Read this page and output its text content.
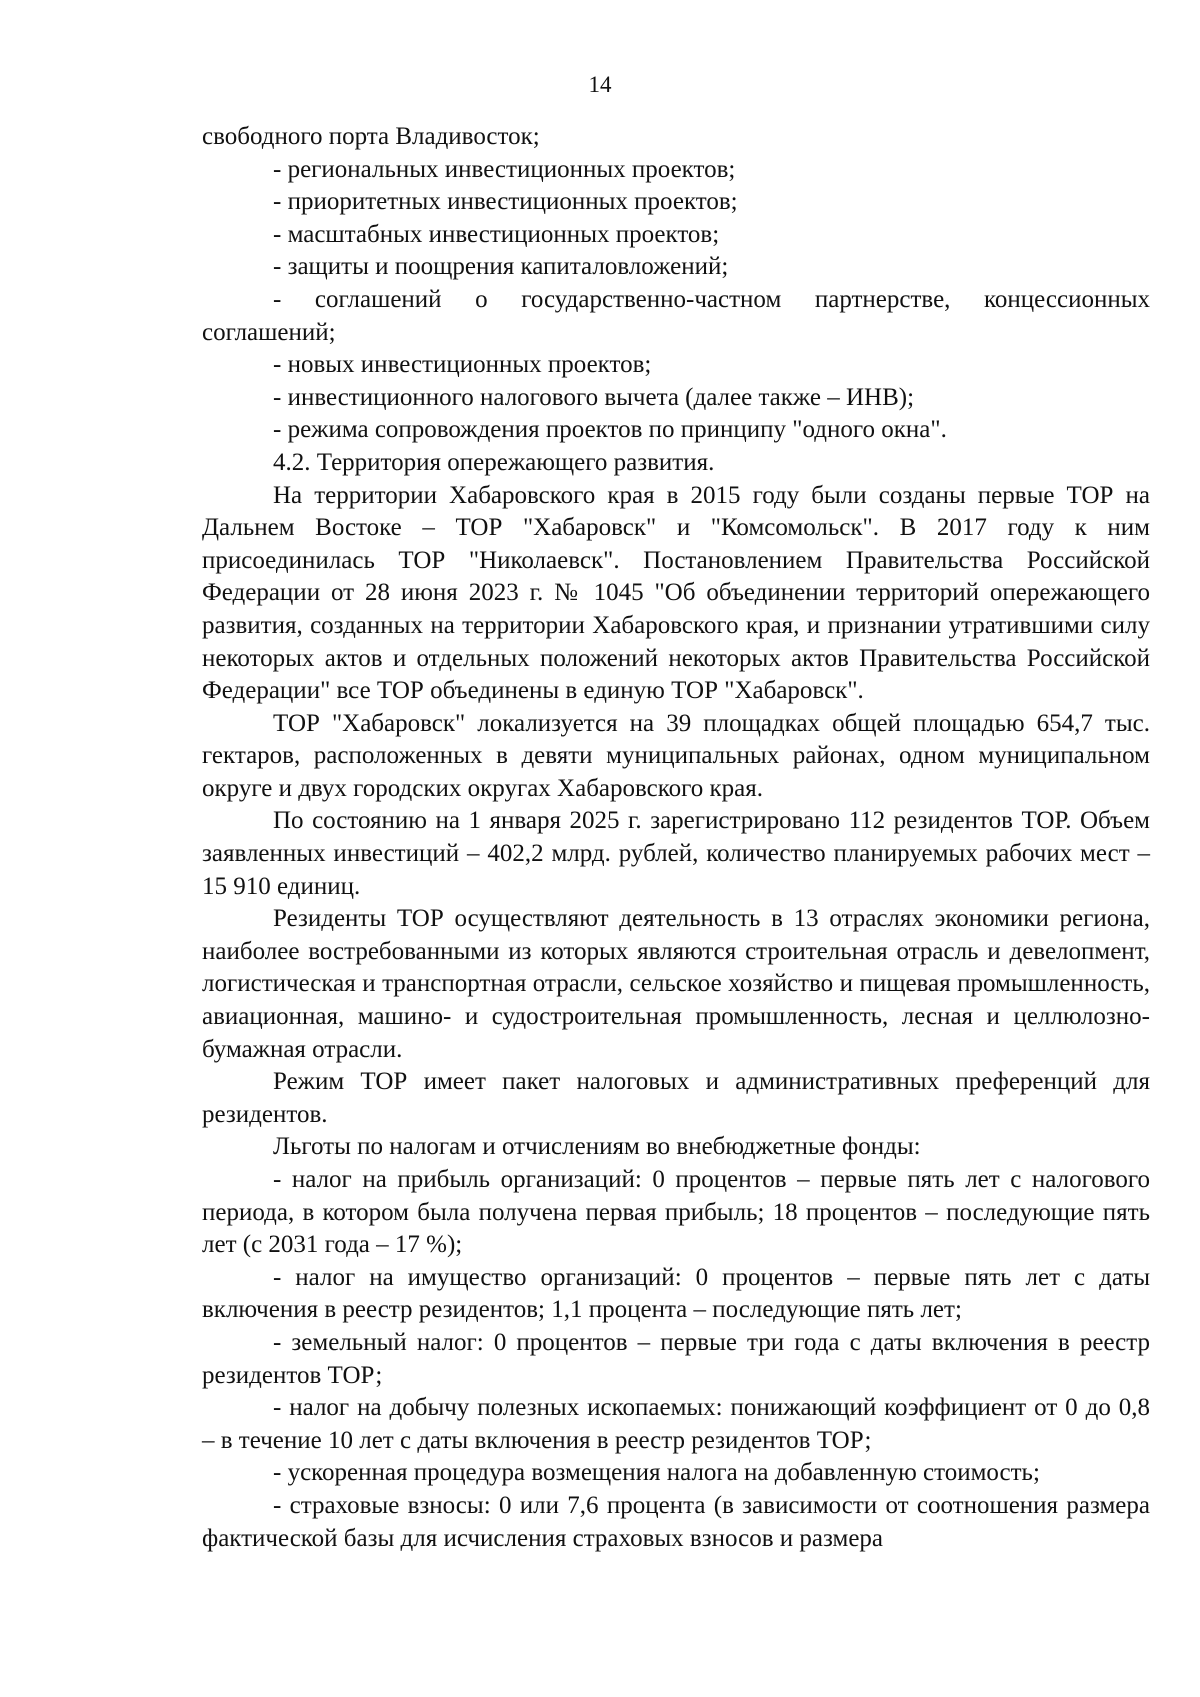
14

свободного порта Владивосток;

- региональных инвестиционных проектов;

- приоритетных инвестиционных проектов;

- масштабных инвестиционных проектов;

- защиты и поощрения капиталовложений;

- соглашений о государственно-частном партнерстве, концессионных соглашений;

- новых инвестиционных проектов;

- инвестиционного налогового вычета (далее также – ИНВ);

- режима сопровождения проектов по принципу "одного окна".

4.2. Территория опережающего развития.

На территории Хабаровского края в 2015 году были созданы первые ТОР на Дальнем Востоке – ТОР "Хабаровск" и "Комсомольск". В 2017 году к ним присоединилась ТОР "Николаевск". Постановлением Правительства Российской Федерации от 28 июня 2023 г. № 1045 "Об объединении территорий опережающего развития, созданных на территории Хабаровского края, и признании утратившими силу некоторых актов и отдельных положений некоторых актов Правительства Российской Федерации" все ТОР объединены в единую ТОР "Хабаровск".

ТОР "Хабаровск" локализуется на 39 площадках общей площадью 654,7 тыс. гектаров, расположенных в девяти муниципальных районах, одном муниципальном округе и двух городских округах Хабаровского края.

По состоянию на 1 января 2025 г. зарегистрировано 112 резидентов ТОР. Объем заявленных инвестиций – 402,2 млрд. рублей, количество планируемых рабочих мест – 15 910 единиц.

Резиденты ТОР осуществляют деятельность в 13 отраслях экономики региона, наиболее востребованными из которых являются строительная отрасль и девелопмент, логистическая и транспортная отрасли, сельское хозяйство и пищевая промышленность, авиационная, машино- и судостроительная промышленность, лесная и целлюлозно-бумажная отрасли.

Режим ТОР имеет пакет налоговых и административных преференций для резидентов.

Льготы по налогам и отчислениям во внебюджетные фонды:

- налог на прибыль организаций: 0 процентов – первые пять лет с налогового периода, в котором была получена первая прибыль; 18 процентов – последующие пять лет (с 2031 года – 17 %);

- налог на имущество организаций: 0 процентов – первые пять лет с даты включения в реестр резидентов; 1,1 процента – последующие пять лет;

- земельный налог: 0 процентов – первые три года с даты включения в реестр резидентов ТОР;

- налог на добычу полезных ископаемых: понижающий коэффициент от 0 до 0,8 – в течение 10 лет с даты включения в реестр резидентов ТОР;

- ускоренная процедура возмещения налога на добавленную стоимость;

- страховые взносы: 0 или 7,6 процента (в зависимости от соотношения размера фактической базы для исчисления страховых взносов и размера
